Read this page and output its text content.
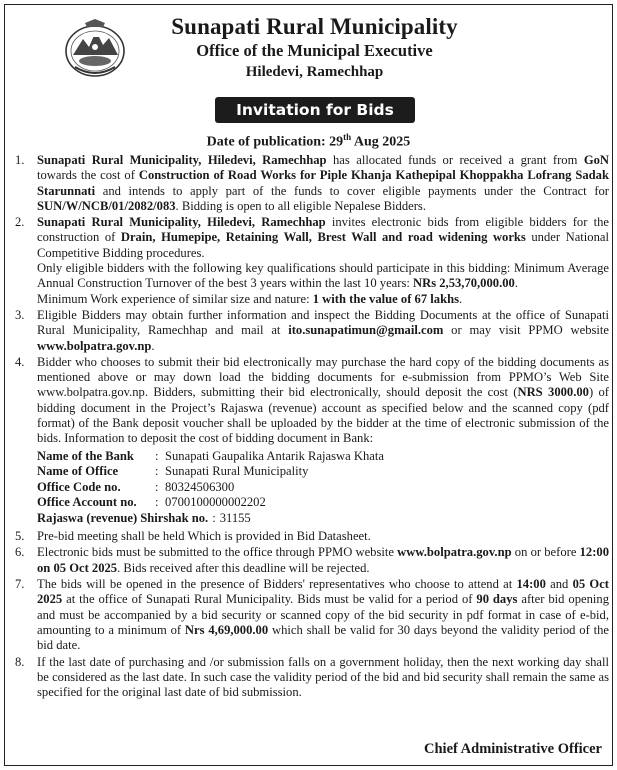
Sunapati Rural Municipality
Office of the Municipal Executive
Hiledevi, Ramechhap
Invitation for Bids
Date of publication: 29th Aug 2025
1. Sunapati Rural Municipality, Hiledevi, Ramechhap has allocated funds or received a grant from GoN towards the cost of Construction of Road Works for Piple Khanja Kathepipal Khoppakha Lofrang Sadak Starunnati and intends to apply part of the funds to cover eligible payments under the Contract for SUN/W/NCB/01/2082/083. Bidding is open to all eligible Nepalese Bidders.

2. Sunapati Rural Municipality, Hiledevi, Ramechhap invites electronic bids from eligible bidders for the construction of Drain, Humepipe, Retaining Wall, Brest Wall and road widening works under National Competitive Bidding procedures.

Only eligible bidders with the following key qualifications should participate in this bidding: Minimum Average Annual Construction Turnover of the best 3 years within the last 10 years: NRs 2,53,70,000.00.

Minimum Work experience of similar size and nature: 1 with the value of 67 lakhs.

3. Eligible Bidders may obtain further information and inspect the Bidding Documents at the office of Sunapati Rural Municipality, Ramechhap and mail at ito.sunapatimun@gmail.com or may visit PPMO website www.bolpatra.gov.np.

4. Bidder who chooses to submit their bid electronically may purchase the hard copy of the bidding documents as mentioned above or may down load the bidding documents for e-submission from PPMO’s Web Site www.bolpatra.gov.np. Bidders, submitting their bid electronically, should deposit the cost (NRS 3000.00) of bidding document in the Project’s Rajaswa (revenue) account as specified below and the scanned copy (pdf format) of the Bank deposit voucher shall be uploaded by the bidder at the time of electronic submission of the bids. Information to deposit the cost of bidding document in Bank:

Name of the Bank	: Sunapati Gaupalika Antarik Rajaswa Khata
Name of Office	: Sunapati Rural Municipality
Office Code no.	: 80324506300
Office Account no.	: 0700100000002202
Rajaswa (revenue) Shirshak no. : 31155
5. Pre-bid meeting shall be held Which is provided in Bid Datasheet.

6. Electronic bids must be submitted to the office through PPMO website www.bolpatra.gov.np on or before 12:00 on 05 Oct 2025. Bids received after this deadline will be rejected.

7. The bids will be opened in the presence of Bidders' representatives who choose to attend at 14:00 and 05 Oct 2025 at the office of Sunapati Rural Municipality. Bids must be valid for a period of 90 days after bid opening and must be accompanied by a bid security or scanned copy of the bid security in pdf format in case of e-bid, amounting to a minimum of Nrs 4,69,000.00 which shall be valid for 30 days beyond the validity period of the bid date.

8. If the last date of purchasing and /or submission falls on a government holiday, then the next working day shall be considered as the last date. In such case the validity period of the bid and bid security shall remain the same as specified for the original last date of bid submission.

Chief Administrative Officer
